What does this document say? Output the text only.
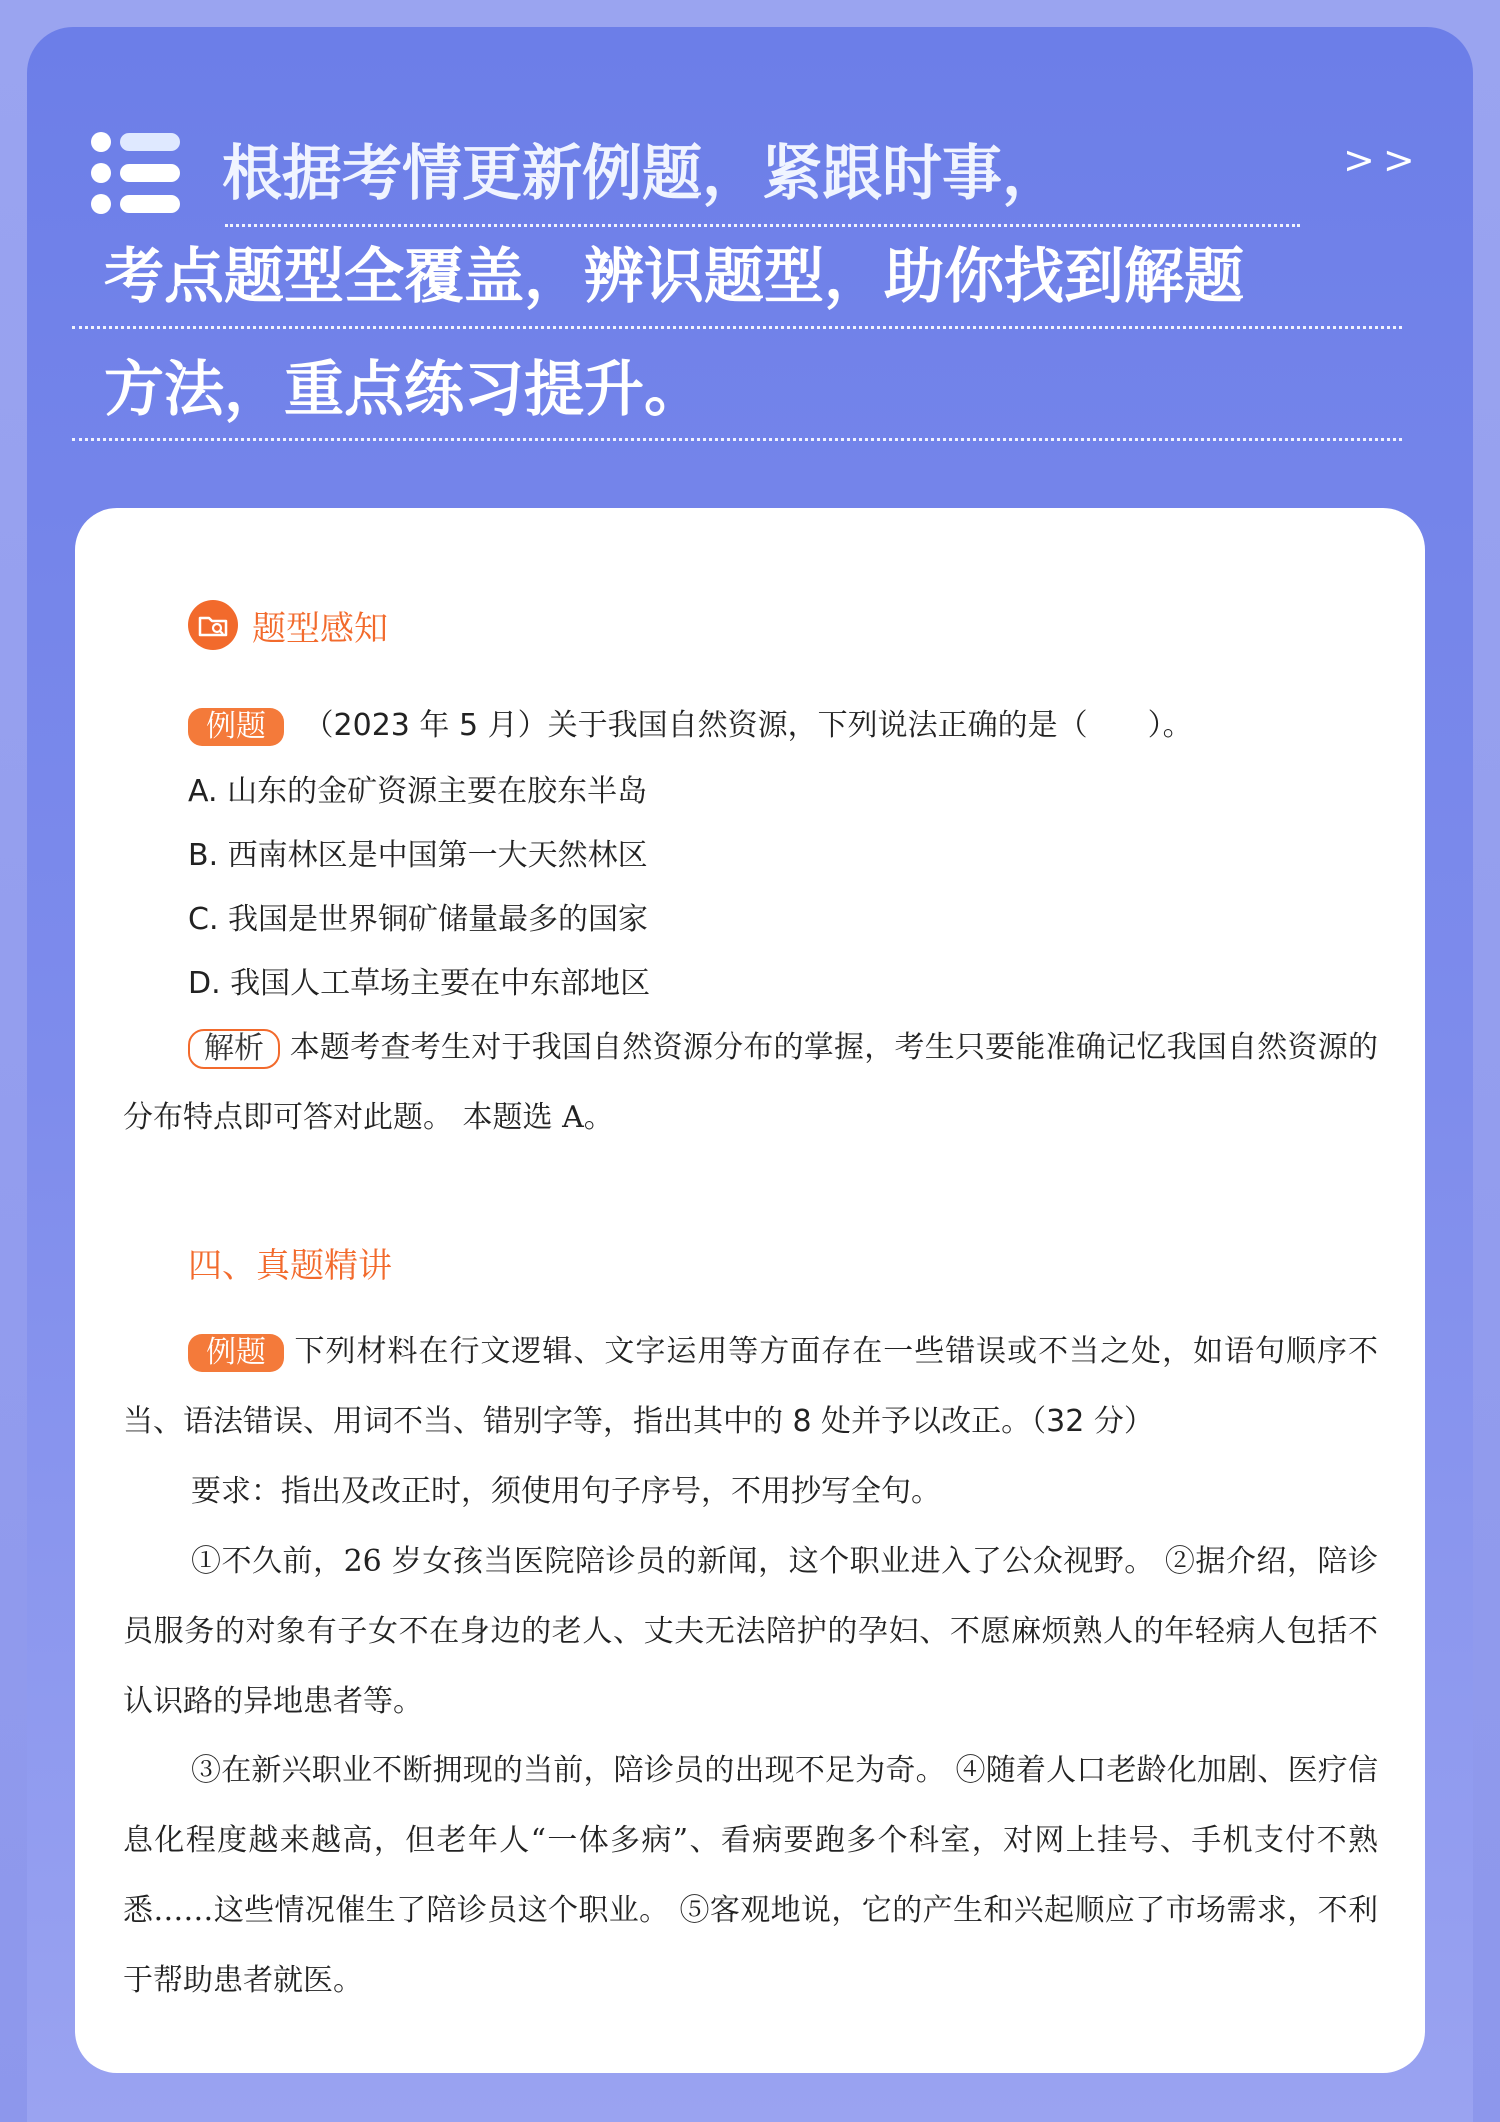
>>
根据考情更新例题，紧跟时事，
考点题型全覆盖，辨识题型，助你找到解题
方法，重点练习提升。
题型感知
例题 （2023 年 5 月）关于我国自然资源，下列说法正确的是（　　）。
A. 山东的金矿资源主要在胶东半岛
B. 西南林区是中国第一大天然林区
C. 我国是世界铜矿储量最多的国家
D. 我国人工草场主要在中东部地区

解析 本题考查考生对于我国自然资源分布的掌握，考生只要能准确记忆我国自然资源的分布特点即可答对此题。 本题选 A。

四、真题精讲

例题 下列材料在行文逻辑、文字运用等方面存在一些错误或不当之处，如语句顺序不当、语法错误、用词不当、错别字等，指出其中的 8 处并予以改正。（32 分）

要求：指出及改正时，须使用句子序号，不用抄写全句。

①不久前，26 岁女孩当医院陪诊员的新闻，这个职业进入了公众视野。 ②据介绍，陪诊员服务的对象有子女不在身边的老人、丈夫无法陪护的孕妇、不愿麻烦熟人的年轻病人包括不认识路的异地患者等。

③在新兴职业不断拥现的当前，陪诊员的出现不足为奇。 ④随着人口老龄化加剧、医疗信息化程度越来越高，但老年人“一体多病”、看病要跑多个科室，对网上挂号、手机支付不熟悉……这些情况催生了陪诊员这个职业。 ⑤客观地说，它的产生和兴起顺应了市场需求，不利于帮助患者就医。
